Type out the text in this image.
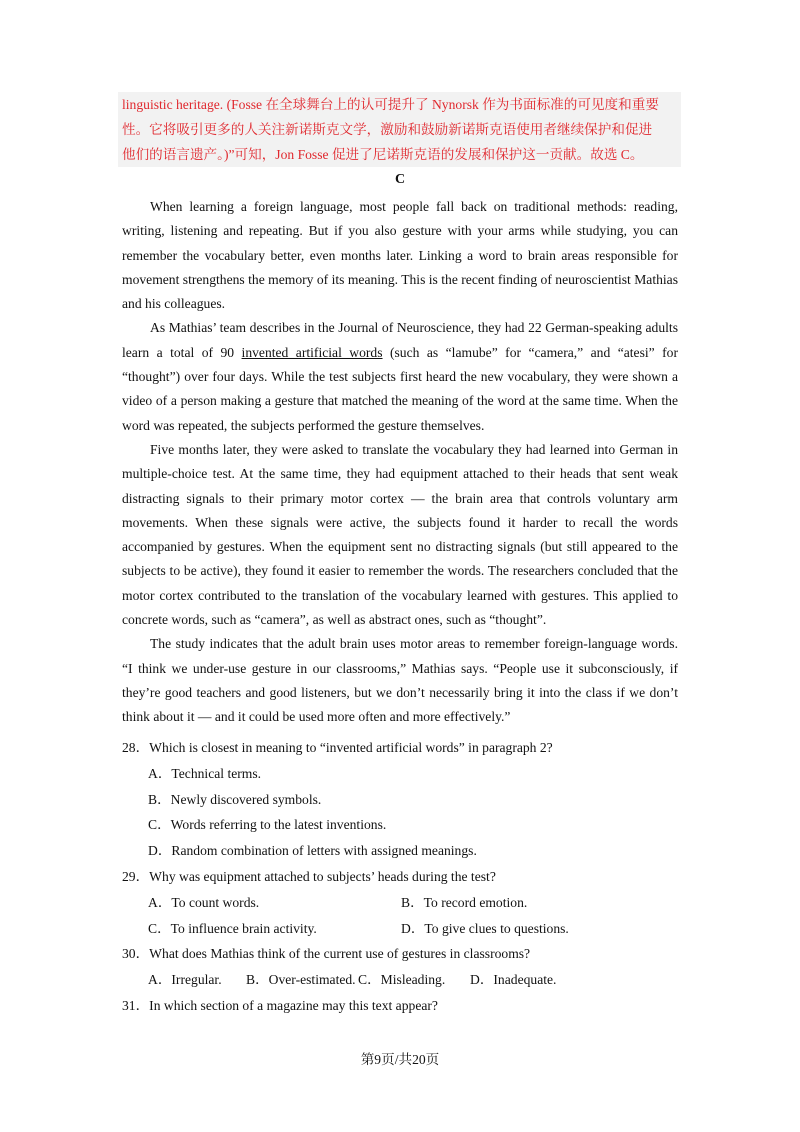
linguistic heritage. (Fosse 在全球舞台上的认可提升了 Nynorsk 作为书面标准的可见度和重要

性。它将吸引更多的人关注新诺斯克文学，激励和鼓励新诺斯克语使用者继续保护和促进

他们的语言遗产。)”可知，Jon Fosse 促进了尼诺斯克语的发展和保护这一贡献。故选 C。

C

When learning a foreign language, most people fall back on traditional methods: reading, writing, listening and repeating. But if you also gesture with your arms while studying, you can remember the vocabulary better, even months later. Linking a word to brain areas responsible for movement strengthens the memory of its meaning. This is the recent finding of neuroscientist Mathias and his colleagues.

As Mathias’ team describes in the Journal of Neuroscience, they had 22 German-speaking adults learn a total of 90 invented artificial words (such as “lamube” for “camera,” and “atesi” for “thought”) over four days. While the test subjects first heard the new vocabulary, they were shown a video of a person making a gesture that matched the meaning of the word at the same time. When the word was repeated, the subjects performed the gesture themselves.

Five months later, they were asked to translate the vocabulary they had learned into German in multiple-choice test. At the same time, they had equipment attached to their heads that sent weak distracting signals to their primary motor cortex — the brain area that controls voluntary arm movements. When these signals were active, the subjects found it harder to recall the words accompanied by gestures. When the equipment sent no distracting signals (but still appeared to the subjects to be active), they found it easier to remember the words. The researchers concluded that the motor cortex contributed to the translation of the vocabulary learned with gestures. This applied to concrete words, such as “camera”, as well as abstract ones, such as “thought”.

The study indicates that the adult brain uses motor areas to remember foreign-language words. “I think we under-use gesture in our classrooms,” Mathias says. “People use it subconsciously, if they’re good teachers and good listeners, but we don’t necessarily bring it into the class if we don’t think about it — and it could be used more often and more effectively.”

28．Which is closest in meaning to “invented artificial words” in paragraph 2?

A．Technical terms.

B．Newly discovered symbols.

C．Words referring to the latest inventions.

D．Random combination of letters with assigned meanings.

29．Why was equipment attached to subjects’ heads during the test?

A．To count words.	B．To record emotion.
C．To influence brain activity.	D．To give clues to questions.

30．What does Mathias think of the current use of gestures in classrooms?

A．Irregular.	B．Over-estimated. C．Misleading.	D．Inadequate.

31．In which section of a magazine may this text appear?

第9页/共20页
